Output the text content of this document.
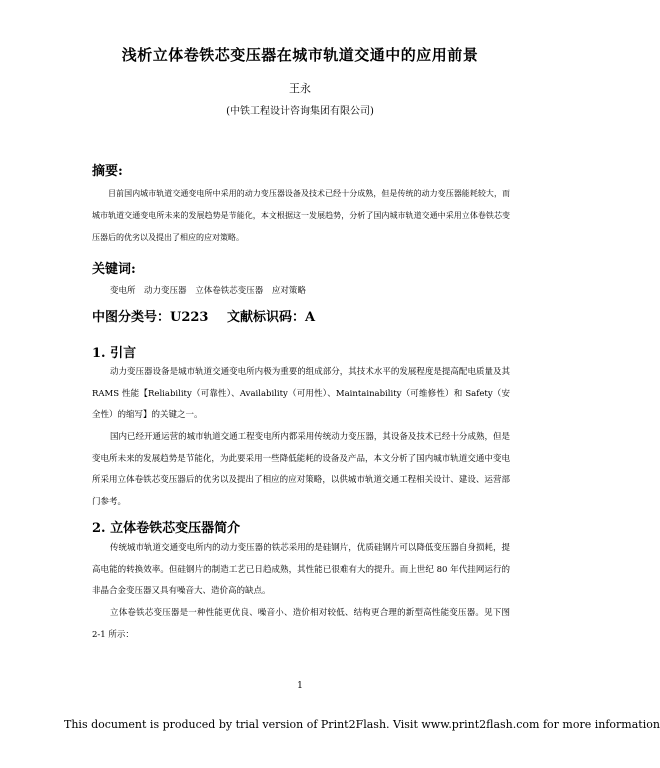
浅析立体卷铁芯变压器在城市轨道交通中的应用前景
王永
(中铁工程设计咨询集团有限公司)
摘要:
目前国内城市轨道交通变电所中采用的动力变压器设备及技术已经十分成熟，但是传统的动力变压器能耗较大，而城市轨道交通变电所未来的发展趋势是节能化，本文根据这一发展趋势，分析了国内城市轨道交通中采用立体卷铁芯变压器后的优劣以及提出了相应的应对策略。
关键词:
变电所　动力变压器 立体卷铁芯变压器 应对策略
中图分类号：U223 文献标识码：A
1. 引言
动力变压器设备是城市轨道交通变电所内极为重要的组成部分，其技术水平的发展程度是提高配电质量及其 RAMS 性能【Reliability（可靠性）、Availability（可用性）、Maintainability（可维修性）和 Safety（安全性）的缩写】的关键之一。
国内已经开通运营的城市轨道交通工程变电所内都采用传统动力变压器，其设备及技术已经十分成熟，但是变电所未来的发展趋势是节能化，为此要采用一些降低能耗的设备及产品，本文分析了国内城市轨道交通中变电所采用立体卷铁芯变压器后的优劣以及提出了相应的应对策略，以供城市轨道交通工程相关设计、建设、运营部门参考。
2. 立体卷铁芯变压器简介
传统城市轨道交通变电所内的动力变压器的铁芯采用的是硅钢片，优质硅钢片可以降低变压器自身损耗，提高电能的转换效率。但硅钢片的制造工艺已日趋成熟，其性能已很难有大的提升。而上世纪 80 年代挂网运行的非晶合金变压器又具有噪音大、造价高的缺点。
立体卷铁芯变压器是一种性能更优良、噪音小、造价相对较低、结构更合理的新型高性能变压器。见下图 2-1 所示：
1
This document is produced by trial version of Print2Flash. Visit www.print2flash.com for more information
